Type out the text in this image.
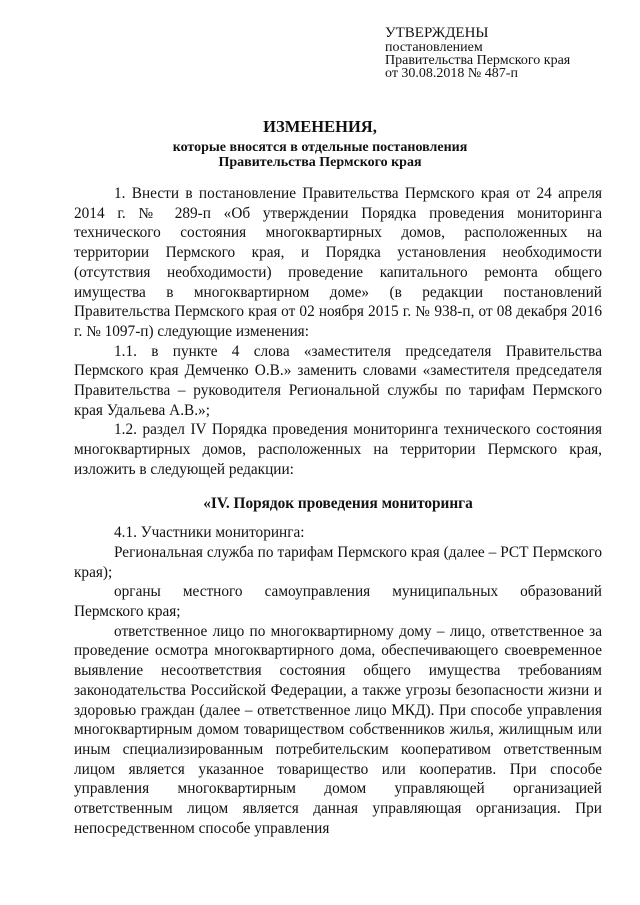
УТВЕРЖДЕНЫ
постановлением
Правительства Пермского края
от 30.08.2018 № 487-п
ИЗМЕНЕНИЯ,
которые вносятся в отдельные постановления
Правительства Пермского края

1. Внести в постановление Правительства Пермского края от 24 апреля 2014 г. № 289-п «Об утверждении Порядка проведения мониторинга технического состояния многоквартирных домов, расположенных на территории Пермского края, и Порядка установления необходимости (отсутствия необходимости) проведение капитального ремонта общего имущества в многоквартирном доме» (в редакции постановлений Правительства Пермского края от 02 ноября 2015 г. № 938-п, от 08 декабря 2016 г. № 1097-п) следующие изменения:

1.1. в пункте 4 слова «заместителя председателя Правительства Пермского края Демченко О.В.» заменить словами «заместителя председателя Правительства – руководителя Региональной службы по тарифам Пермского края Удальева А.В.»;

1.2. раздел IV Порядка проведения мониторинга технического состояния многоквартирных домов, расположенных на территории Пермского края, изложить в следующей редакции:

«IV. Порядок проведения мониторинга

4.1. Участники мониторинга:

Региональная служба по тарифам Пермского края (далее – РСТ Пермского края);

органы местного самоуправления муниципальных образований Пермского края;

ответственное лицо по многоквартирному дому – лицо, ответственное за проведение осмотра многоквартирного дома, обеспечивающего своевременное выявление несоответствия состояния общего имущества требованиям законодательства Российской Федерации, а также угрозы безопасности жизни и здоровью граждан (далее – ответственное лицо МКД). При способе управления многоквартирным домом товариществом собственников жилья, жилищным или иным специализированным потребительским кооперативом ответственным лицом является указанное товарищество или кооператив. При способе управления многоквартирным домом управляющей организацией ответственным лицом является данная управляющая организация. При непосредственном способе управления
